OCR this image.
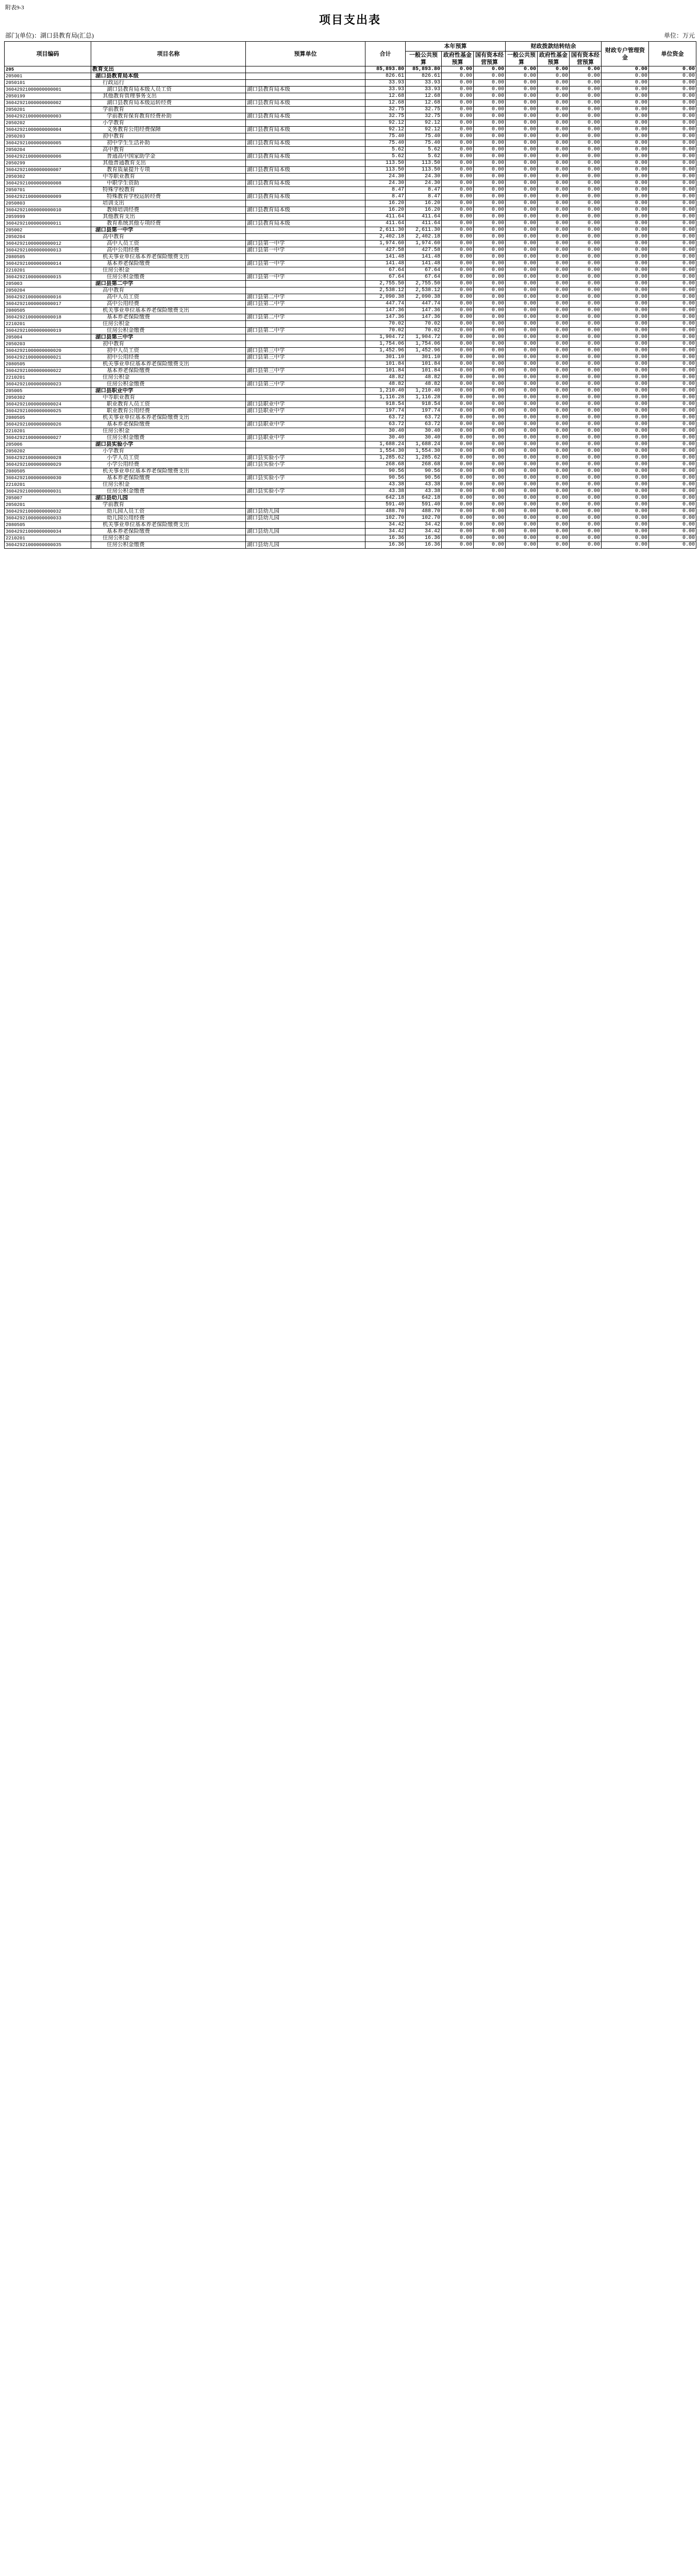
附表9-3
项目支出表
部门(单位)：湖口县教育局(汇总)	单位：万元
项目编码	项目名称	预算单位	合计	本年预算			财政拨款结转结余			财政专户管理资金	单位资金
				一般公共预算	政府性基金预算	国有资本经营预算	一般公共预算	政府性基金预算	国有资本经营预算		
205	教育支出		85,893.80	85,893.80	0.00	0.00	0.00	0.00	0.00	0.00	0.00
205001	湖口县教育局本级		826.61	826.61	0.00	0.00	0.00	0.00	0.00	0.00	0.00
2050101	行政运行		33.93	33.93	0.00	0.00	0.00	0.00	0.00	0.00	0.00
36042921000000000001	湖口县教育局本级人员工资	湖口县教育局本级	33.93	33.93	0.00	0.00	0.00	0.00	0.00	0.00	0.00
2050199	其他教育管理事务支出		12.68	12.68	0.00	0.00	0.00	0.00	0.00	0.00	0.00
36042921000000000002	湖口县教育局本级运转经费	湖口县教育局本级	12.68	12.68	0.00	0.00	0.00	0.00	0.00	0.00	0.00
2050201	学前教育		32.75	32.75	0.00	0.00	0.00	0.00	0.00	0.00	0.00
36042921000000000003	学前教育保育教育经费补助	湖口县教育局本级	32.75	32.75	0.00	0.00	0.00	0.00	0.00	0.00	0.00
2050202	小学教育		92.12	92.12	0.00	0.00	0.00	0.00	0.00	0.00	0.00
36042921000000000004	义务教育公用经费保障	湖口县教育局本级	92.12	92.12	0.00	0.00	0.00	0.00	0.00	0.00	0.00
2050203	初中教育		75.40	75.40	0.00	0.00	0.00	0.00	0.00	0.00	0.00
36042921000000000005	初中学生生活补助	湖口县教育局本级	75.40	75.40	0.00	0.00	0.00	0.00	0.00	0.00	0.00
2050204	高中教育		5.62	5.62	0.00	0.00	0.00	0.00	0.00	0.00	0.00
36042921000000000006	普通高中国家助学金	湖口县教育局本级	5.62	5.62	0.00	0.00	0.00	0.00	0.00	0.00	0.00
2050299	其他普通教育支出		113.50	113.50	0.00	0.00	0.00	0.00	0.00	0.00	0.00
36042921000000000007	教育质量提升专项	湖口县教育局本级	113.50	113.50	0.00	0.00	0.00	0.00	0.00	0.00	0.00
2050302	中等职业教育		24.30	24.30	0.00	0.00	0.00	0.00	0.00	0.00	0.00
36042921000000000008	中职学生资助	湖口县教育局本级	24.30	24.30	0.00	0.00	0.00	0.00	0.00	0.00	0.00
2050701	特殊学校教育		8.47	8.47	0.00	0.00	0.00	0.00	0.00	0.00	0.00
36042921000000000009	特殊教育学校运转经费	湖口县教育局本级	8.47	8.47	0.00	0.00	0.00	0.00	0.00	0.00	0.00
2050803	培训支出		16.20	16.20	0.00	0.00	0.00	0.00	0.00	0.00	0.00
36042921000000000010	教师培训经费	湖口县教育局本级	16.20	16.20	0.00	0.00	0.00	0.00	0.00	0.00	0.00
2059999	其他教育支出		411.64	411.64	0.00	0.00	0.00	0.00	0.00	0.00	0.00
36042921000000000011	教育系统其他专项经费	湖口县教育局本级	411.64	411.64	0.00	0.00	0.00	0.00	0.00	0.00	0.00
205002	湖口县第一中学		2,611.30	2,611.30	0.00	0.00	0.00	0.00	0.00	0.00	0.00
2050204	高中教育		2,402.18	2,402.18	0.00	0.00	0.00	0.00	0.00	0.00	0.00
36042921000000000012	高中人员工资	湖口县第一中学	1,974.60	1,974.60	0.00	0.00	0.00	0.00	0.00	0.00	0.00
36042921000000000013	高中公用经费	湖口县第一中学	427.58	427.58	0.00	0.00	0.00	0.00	0.00	0.00	0.00
2080505	机关事业单位基本养老保险缴费支出		141.48	141.48	0.00	0.00	0.00	0.00	0.00	0.00	0.00
36042921000000000014	基本养老保险缴费	湖口县第一中学	141.48	141.48	0.00	0.00	0.00	0.00	0.00	0.00	0.00
2210201	住房公积金		67.64	67.64	0.00	0.00	0.00	0.00	0.00	0.00	0.00
36042921000000000015	住房公积金缴费	湖口县第一中学	67.64	67.64	0.00	0.00	0.00	0.00	0.00	0.00	0.00
205003	湖口县第二中学		2,755.50	2,755.50	0.00	0.00	0.00	0.00	0.00	0.00	0.00
2050204	高中教育		2,538.12	2,538.12	0.00	0.00	0.00	0.00	0.00	0.00	0.00
36042921000000000016	高中人员工资	湖口县第二中学	2,090.38	2,090.38	0.00	0.00	0.00	0.00	0.00	0.00	0.00
36042921000000000017	高中公用经费	湖口县第二中学	447.74	447.74	0.00	0.00	0.00	0.00	0.00	0.00	0.00
2080505	机关事业单位基本养老保险缴费支出		147.36	147.36	0.00	0.00	0.00	0.00	0.00	0.00	0.00
36042921000000000018	基本养老保险缴费	湖口县第二中学	147.36	147.36	0.00	0.00	0.00	0.00	0.00	0.00	0.00
2210201	住房公积金		70.02	70.02	0.00	0.00	0.00	0.00	0.00	0.00	0.00
36042921000000000019	住房公积金缴费	湖口县第二中学	70.02	70.02	0.00	0.00	0.00	0.00	0.00	0.00	0.00
205004	湖口县第三中学		1,904.72	1,904.72	0.00	0.00	0.00	0.00	0.00	0.00	0.00
2050203	初中教育		1,754.06	1,754.06	0.00	0.00	0.00	0.00	0.00	0.00	0.00
36042921000000000020	初中人员工资	湖口县第三中学	1,452.96	1,452.96	0.00	0.00	0.00	0.00	0.00	0.00	0.00
36042921000000000021	初中公用经费	湖口县第三中学	301.10	301.10	0.00	0.00	0.00	0.00	0.00	0.00	0.00
2080505	机关事业单位基本养老保险缴费支出		101.84	101.84	0.00	0.00	0.00	0.00	0.00	0.00	0.00
36042921000000000022	基本养老保险缴费	湖口县第三中学	101.84	101.84	0.00	0.00	0.00	0.00	0.00	0.00	0.00
2210201	住房公积金		48.82	48.82	0.00	0.00	0.00	0.00	0.00	0.00	0.00
36042921000000000023	住房公积金缴费	湖口县第三中学	48.82	48.82	0.00	0.00	0.00	0.00	0.00	0.00	0.00
205005	湖口县职业中学		1,210.40	1,210.40	0.00	0.00	0.00	0.00	0.00	0.00	0.00
2050302	中等职业教育		1,116.28	1,116.28	0.00	0.00	0.00	0.00	0.00	0.00	0.00
36042921000000000024	职业教育人员工资	湖口县职业中学	918.54	918.54	0.00	0.00	0.00	0.00	0.00	0.00	0.00
36042921000000000025	职业教育公用经费	湖口县职业中学	197.74	197.74	0.00	0.00	0.00	0.00	0.00	0.00	0.00
2080505	机关事业单位基本养老保险缴费支出		63.72	63.72	0.00	0.00	0.00	0.00	0.00	0.00	0.00
36042921000000000026	基本养老保险缴费	湖口县职业中学	63.72	63.72	0.00	0.00	0.00	0.00	0.00	0.00	0.00
2210201	住房公积金		30.40	30.40	0.00	0.00	0.00	0.00	0.00	0.00	0.00
36042921000000000027	住房公积金缴费	湖口县职业中学	30.40	30.40	0.00	0.00	0.00	0.00	0.00	0.00	0.00
205006	湖口县实验小学		1,688.24	1,688.24	0.00	0.00	0.00	0.00	0.00	0.00	0.00
2050202	小学教育		1,554.30	1,554.30	0.00	0.00	0.00	0.00	0.00	0.00	0.00
36042921000000000028	小学人员工资	湖口县实验小学	1,285.62	1,285.62	0.00	0.00	0.00	0.00	0.00	0.00	0.00
36042921000000000029	小学公用经费	湖口县实验小学	268.68	268.68	0.00	0.00	0.00	0.00	0.00	0.00	0.00
2080505	机关事业单位基本养老保险缴费支出		90.56	90.56	0.00	0.00	0.00	0.00	0.00	0.00	0.00
36042921000000000030	基本养老保险缴费	湖口县实验小学	90.56	90.56	0.00	0.00	0.00	0.00	0.00	0.00	0.00
2210201	住房公积金		43.38	43.38	0.00	0.00	0.00	0.00	0.00	0.00	0.00
36042921000000000031	住房公积金缴费	湖口县实验小学	43.38	43.38	0.00	0.00	0.00	0.00	0.00	0.00	0.00
205007	湖口县幼儿园		642.18	642.18	0.00	0.00	0.00	0.00	0.00	0.00	0.00
2050201	学前教育		591.40	591.40	0.00	0.00	0.00	0.00	0.00	0.00	0.00
36042921000000000032	幼儿园人员工资	湖口县幼儿园	488.70	488.70	0.00	0.00	0.00	0.00	0.00	0.00	0.00
36042921000000000033	幼儿园公用经费	湖口县幼儿园	102.70	102.70	0.00	0.00	0.00	0.00	0.00	0.00	0.00
2080505	机关事业单位基本养老保险缴费支出		34.42	34.42	0.00	0.00	0.00	0.00	0.00	0.00	0.00
36042921000000000034	基本养老保险缴费	湖口县幼儿园	34.42	34.42	0.00	0.00	0.00	0.00	0.00	0.00	0.00
2210201	住房公积金		16.36	16.36	0.00	0.00	0.00	0.00	0.00	0.00	0.00
36042921000000000035	住房公积金缴费	湖口县幼儿园	16.36	16.36	0.00	0.00	0.00	0.00	0.00	0.00	0.00
